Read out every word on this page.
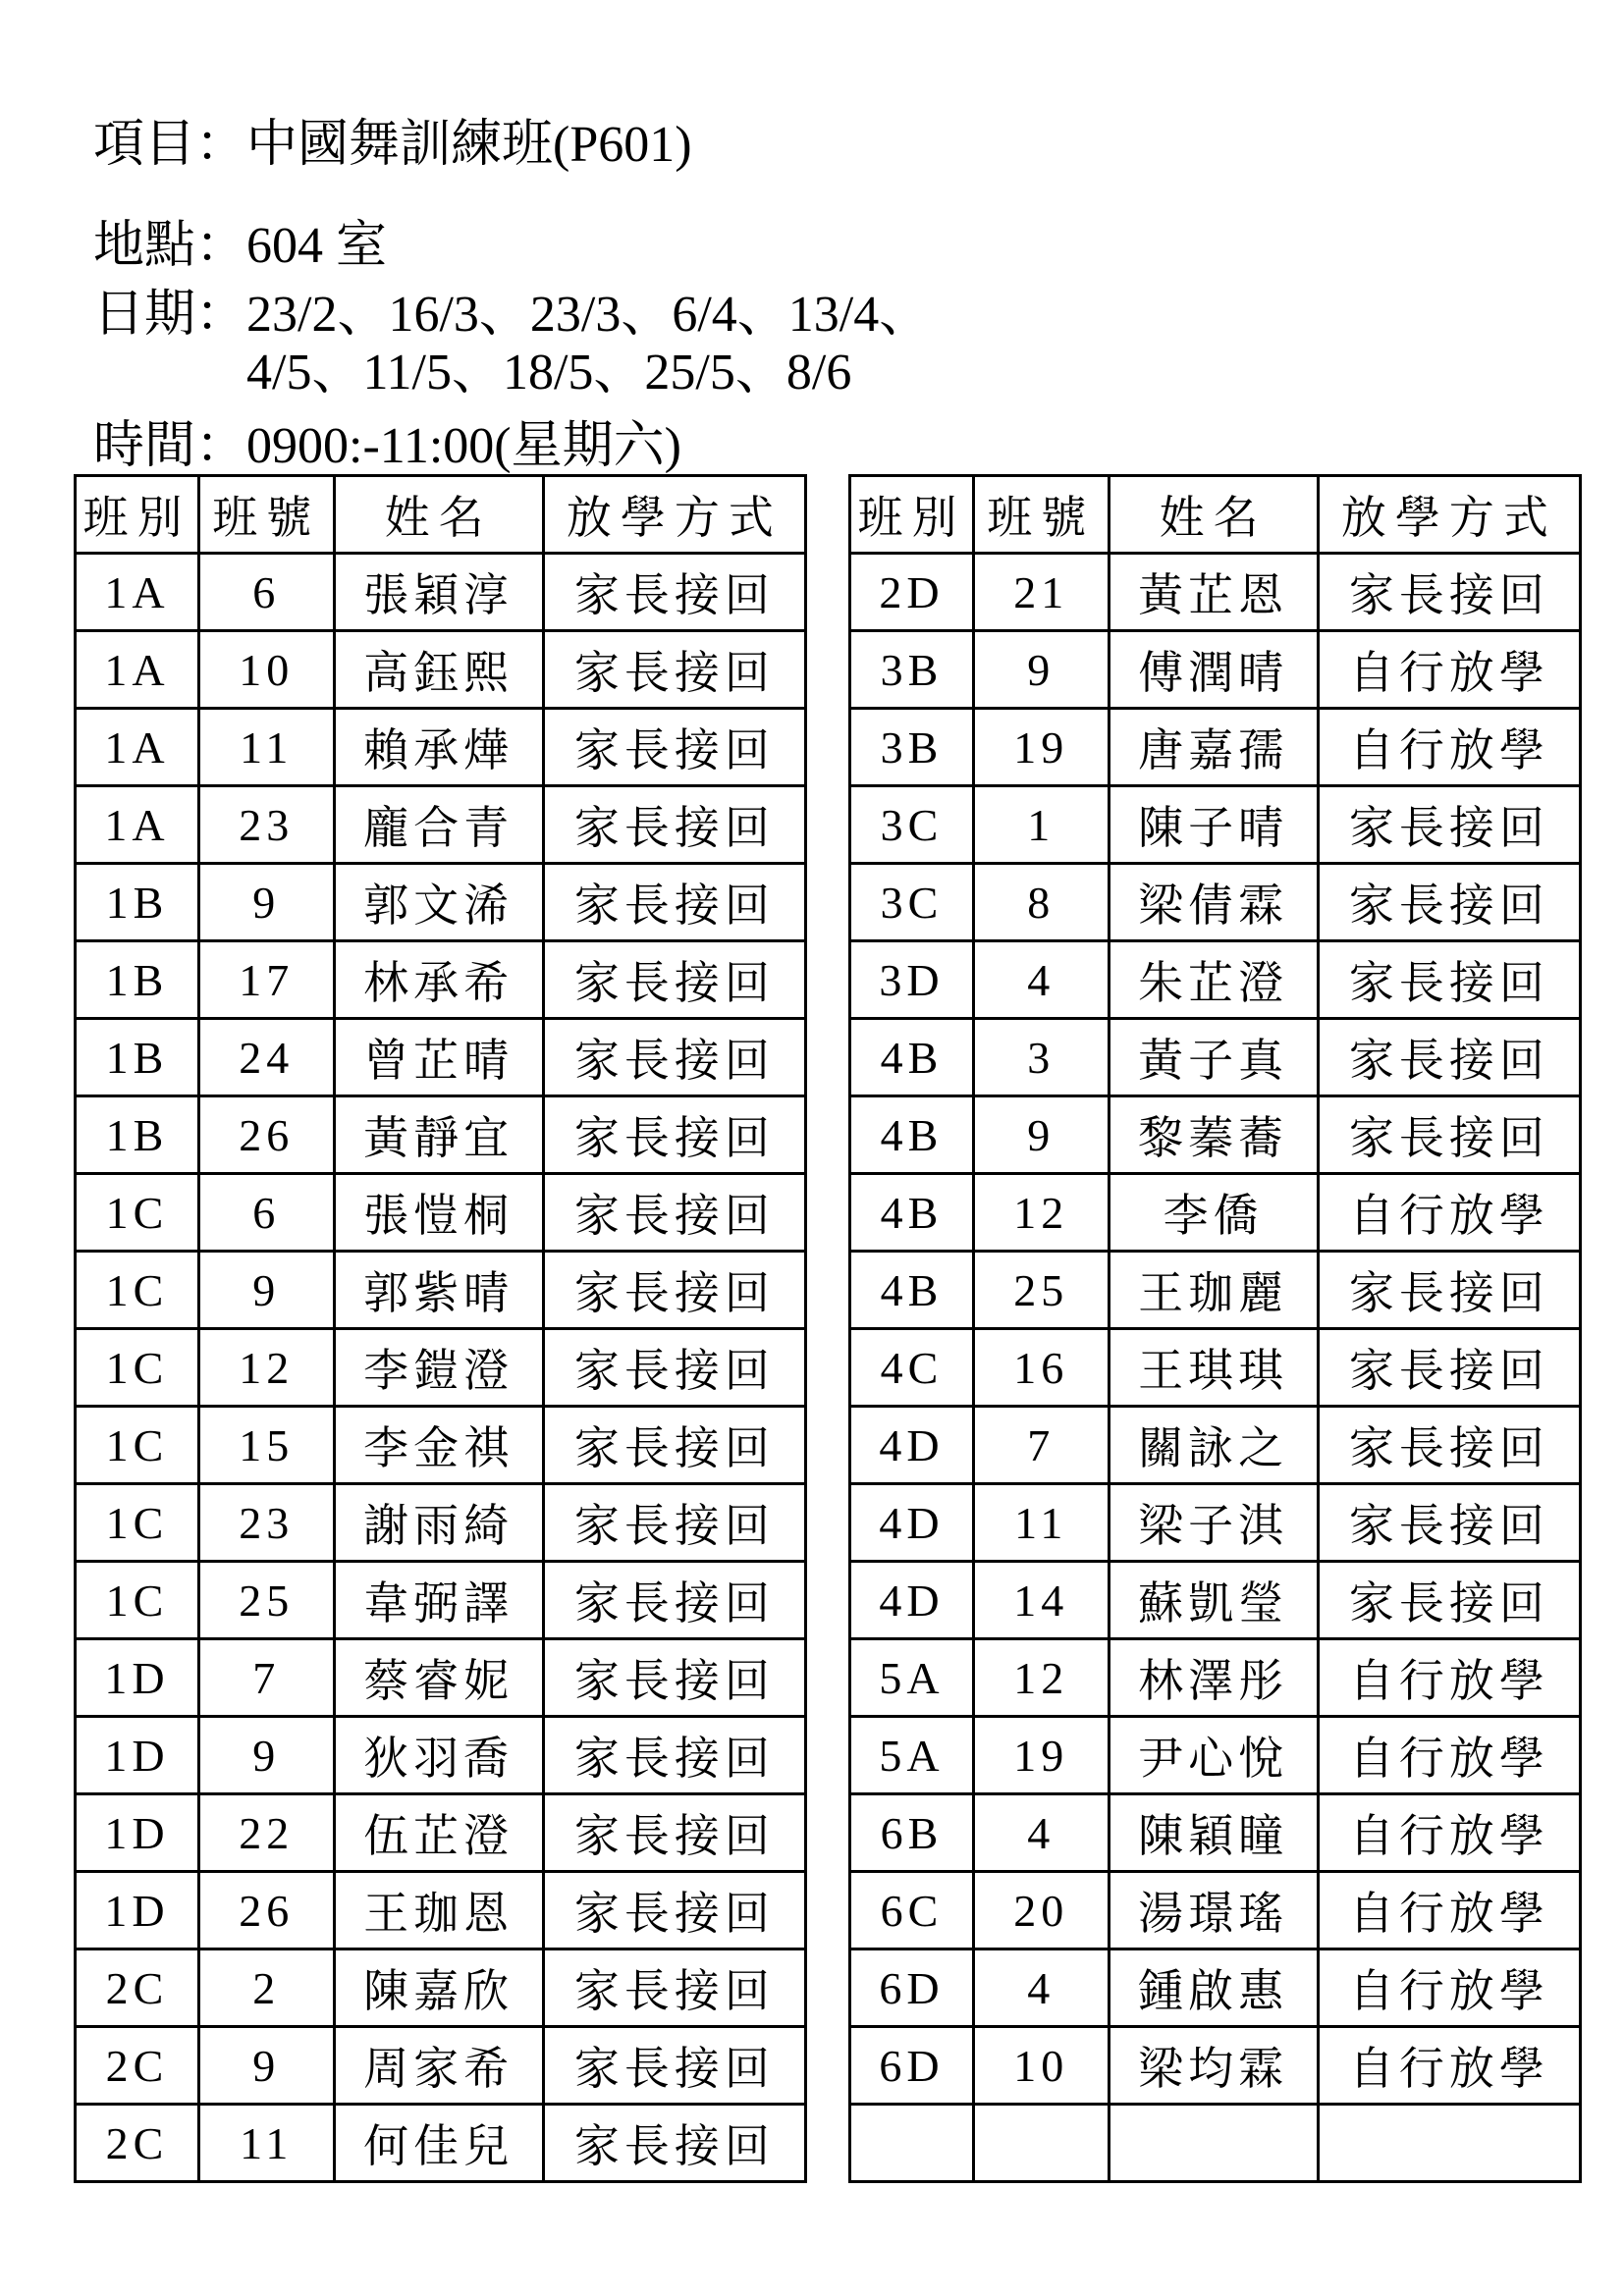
項目： 中國舞訓練班(P601)
地點： 604 室
日期： 23/2、16/3、23/3、6/4、13/4、
4/5、11/5、18/5、25/5、8/6
時間： 0900:-11:00(星期六)
班別	班號	姓名	放學方式
1A	6	張穎淳	家長接回
1A	10	高鈺熙	家長接回
1A	11	賴承燁	家長接回
1A	23	龐合青	家長接回
1B	9	郭文浠	家長接回
1B	17	林承希	家長接回
1B	24	曾芷晴	家長接回
1B	26	黃靜宜	家長接回
1C	6	張愷桐	家長接回
1C	9	郭紫晴	家長接回
1C	12	李鎧澄	家長接回
1C	15	李金祺	家長接回
1C	23	謝雨綺	家長接回
1C	25	韋弼譯	家長接回
1D	7	蔡睿妮	家長接回
1D	9	狄羽喬	家長接回
1D	22	伍芷澄	家長接回
1D	26	王珈恩	家長接回
2C	2	陳嘉欣	家長接回
2C	9	周家希	家長接回
2C	11	何佳兒	家長接回
班別	班號	姓名	放學方式
2D	21	黃芷恩	家長接回
3B	9	傅潤晴	自行放學
3B	19	唐嘉孺	自行放學
3C	1	陳子晴	家長接回
3C	8	梁倩霖	家長接回
3D	4	朱芷澄	家長接回
4B	3	黃子真	家長接回
4B	9	黎蓁蕎	家長接回
4B	12	李僑	自行放學
4B	25	王珈麗	家長接回
4C	16	王琪琪	家長接回
4D	7	關詠之	家長接回
4D	11	梁子淇	家長接回
4D	14	蘇凱瑩	家長接回
5A	12	林澤彤	自行放學
5A	19	尹心悅	自行放學
6B	4	陳穎瞳	自行放學
6C	20	湯璟瑤	自行放學
6D	4	鍾啟惠	自行放學
6D	10	梁均霖	自行放學
